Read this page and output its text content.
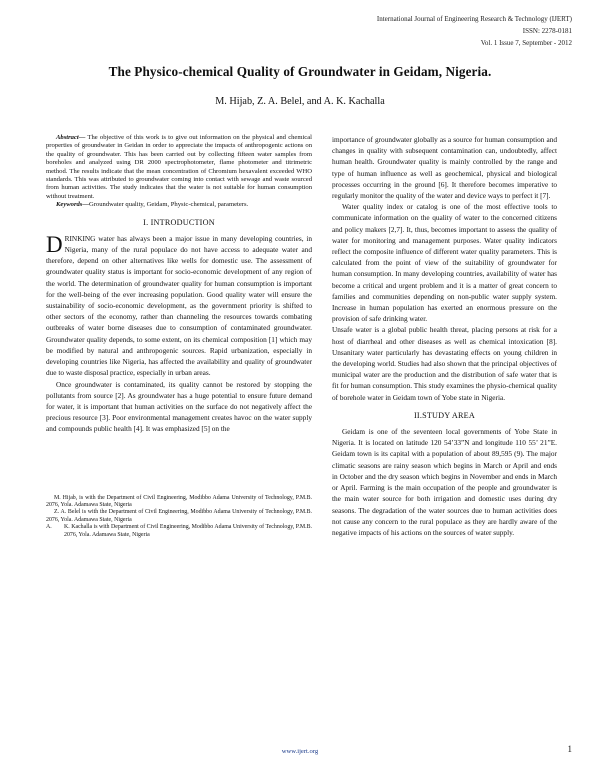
International Journal of Engineering Research & Technology (IJERT)
ISSN: 2278-0181
Vol. 1 Issue 7, September - 2012
The Physico-chemical Quality of Groundwater in Geidam, Nigeria.
M. Hijab, Z. A. Belel, and A. K. Kachalla

Abstract— The objective of this work is to give out information on the physical and chemical properties of groundwater in Geidan in order to appreciate the impacts of anthropogenic actions on the quality of groundwater. This has been carried out by collecting fifteen water samples from boreholes and analyzed using DR 2000 spectrophotometer, flame photometer and titrimetric method. The results indicate that the mean concentration of Chromium hexavalent exceeded WHO standards. This was attributed to groundwater coming into contact with sewage and waste sourced from human activities. The study indicates that the water is not suitable for human consumption without treatment.

Keywords—Groundwater quality, Geidam, Physic-chemical, parameters.

I. INTRODUCTION

DRINKING water has always been a major issue in many developing countries, in Nigeria, many of the rural populace do not have access to adequate water and therefore, depend on other alternatives like wells for domestic use. The assessment of groundwater quality status is important for socio-economic development of any region of the world. The determination of groundwater quality for human consumption is important for the well-being of the ever increasing population. Good quality water will ensure the sustainability of socio-economic development, as the government priority is shifted to other sectors of the economy, rather than channeling the resources towards combating outbreaks of water borne diseases due to consumption of contaminated groundwater. Groundwater quality depends, to some extent, on its chemical composition [1] which may be modified by natural and anthropogenic sources. Rapid urbanization, especially in developing countries like Nigeria, has affected the availability and quality of groundwater due to waste disposal practice, especially in urban areas.

Once groundwater is contaminated, its quality cannot be restored by stopping the pollutants from source [2]. As groundwater has a huge potential to ensure future demand for water, it is important that human activities on the surface do not negatively affect the precious resource [3]. Poor environmental management creates havoc on the water supply and compounds public health [4]. It was emphasized [5] on the

M. Hijab, is with the Department of Civil Engineering, Modibbo Adama University of Technology, P.M.B. 2076, Yola. Adamawa State, Nigeria

Z. A. Belel is with the Department of Civil Engineering, Modibbo Adama University of Technology, P.M.B. 2076, Yola. Adamawa State, Nigeria

A. K. Kachalla is with Department of Civil Engineering, Modibbo Adama University of Technology, P.M.B. 2076, Yola. Adamawa State, Nigeria

importance of groundwater globally as a source for human consumption and changes in quality with subsequent contamination can, undoubtedly, affect human health. Groundwater quality is mainly controlled by the range and type of human influence as well as geochemical, physical and biological processes occurring in the ground [6]. It therefore becomes imperative to regularly monitor the quality of the water and device ways to perfect it [7].

Water quality index or catalog is one of the most effective tools to communicate information on the quality of water to the concerned citizens and policy makers [2,7]. It, thus, becomes important to assess the quality of water for monitoring and management purposes. Water quality indicators reflect the composite influence of different water quality parameters. This is calculated from the point of view of the suitability of groundwater for human consumption. In many developing countries, availability of water has become a critical and urgent problem and it is a matter of great concern to families and communities depending on non-public water supply system. Increase in human population has exerted an enormous pressure on the provision of safe drinking water.

Unsafe water is a global public health threat, placing persons at risk for a host of diarrheal and other diseases as well as chemical intoxication [8]. Unsanitary water particularly has devastating effects on young children in the developing world. Studies had also shown that the principal objectives of municipal water are the production and the distribution of safe water that is fit for human consumption. This study examines the physio-chemical quality of borehole water in Geidam town of Yobe state in Nigeria.

II.STUDY AREA

Geidam is one of the seventeen local governments of Yobe State in Nigeria. It is located on latitude 120 54’33”N and longitude 110 55’ 21”E. Geidam town is its capital with a population of about 89,595 (9). The major climatic seasons are rainy season which begins in March or April and ends in October and the dry season which begins in November and ends in March or April. Farming is the main occupation of the people and groundwater is the main water source for both irrigation and domestic uses during dry seasons. The degradation of the water sources due to human activities does not cause any concern to the rural populace as they are hardly aware of the negative impacts of his actions on the sources of water supply.

www.ijert.org	1
